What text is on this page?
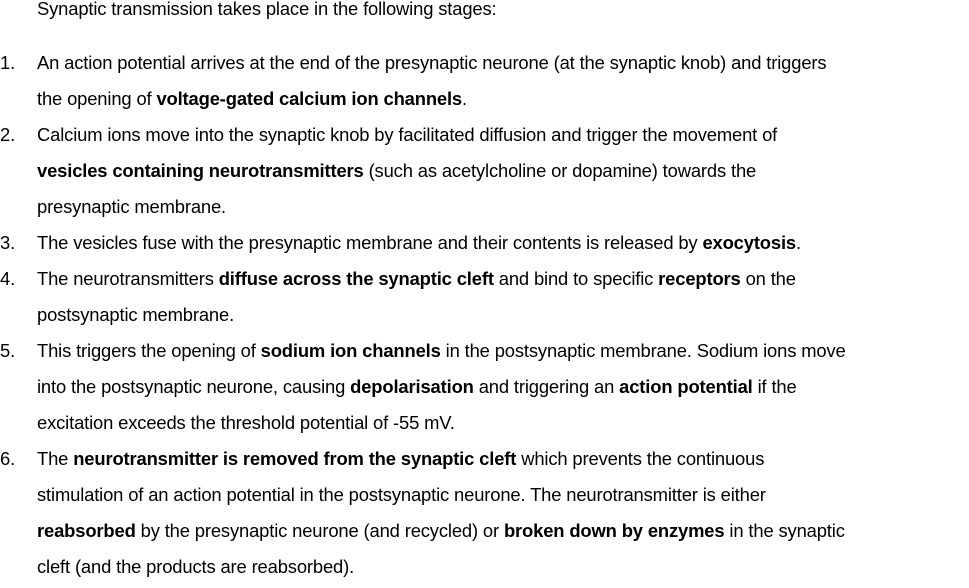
Synaptic transmission takes place in the following stages:

1. An action potential arrives at the end of the presynaptic neurone (at the synaptic knob) and triggers
the opening of voltage-gated calcium ion channels.
2. Calcium ions move into the synaptic knob by facilitated diffusion and trigger the movement of
vesicles containing neurotransmitters (such as acetylcholine or dopamine) towards the
presynaptic membrane.
3. The vesicles fuse with the presynaptic membrane and their contents is released by exocytosis.
4. The neurotransmitters diffuse across the synaptic cleft and bind to specific receptors on the
postsynaptic membrane.
5. This triggers the opening of sodium ion channels in the postsynaptic membrane. Sodium ions move
into the postsynaptic neurone, causing depolarisation and triggering an action potential if the
excitation exceeds the threshold potential of -55 mV.
6. The neurotransmitter is removed from the synaptic cleft which prevents the continuous
stimulation of an action potential in the postsynaptic neurone. The neurotransmitter is either
reabsorbed by the presynaptic neurone (and recycled) or broken down by enzymes in the synaptic
cleft (and the products are reabsorbed).
